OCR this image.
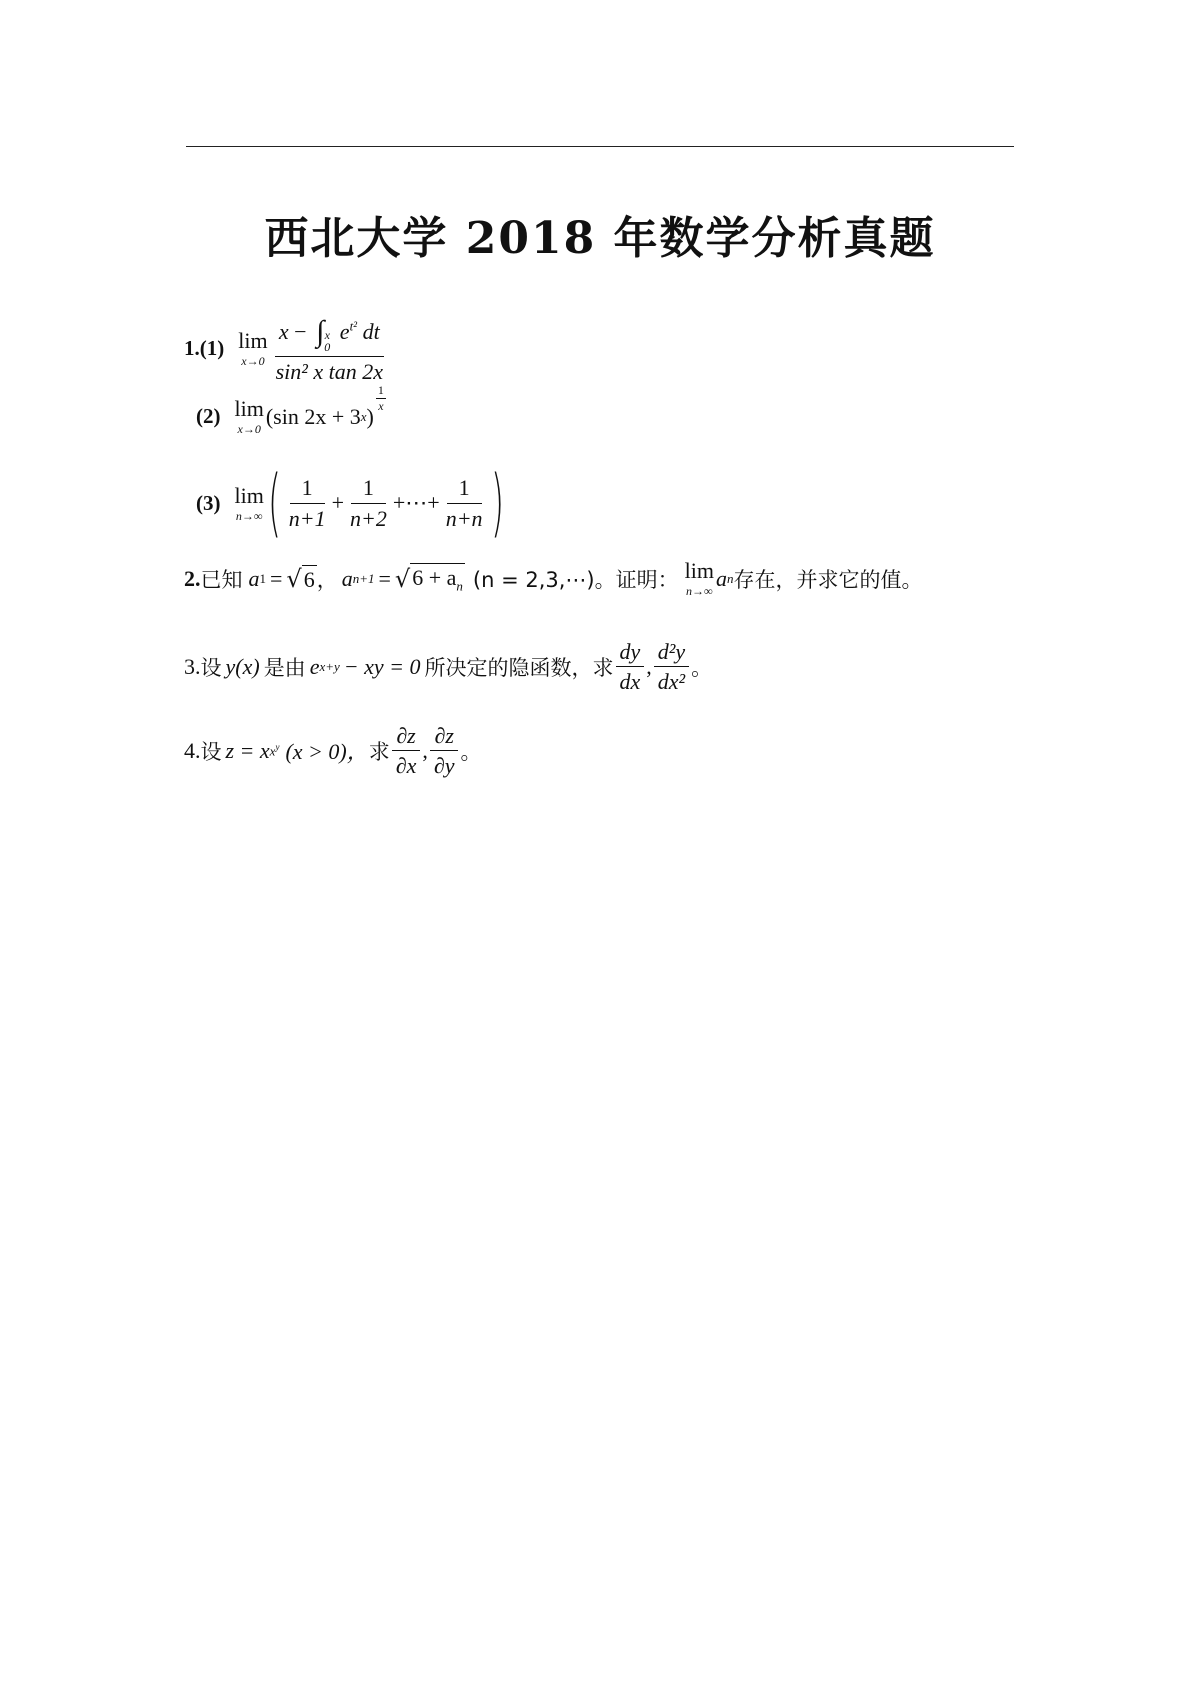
西北大学 2018 年数学分析真题
1.(1) lim
x→0 x − ∫ x
0
$e^{t^2}$ dt
sin² x tan 2x
(2) lim
x→0
(sin 2x + 3 x )
$\frac{1}{x}$
(3) lim
n→∞ ( $\frac{1}{n+1} + \frac{1}{n+2}$ +⋯+ $\frac{1}{n+n}$ )
2. 已知 a 1 = √ 6 ， a n+1 = √ $6 + a_n$ (n = 2,3,⋯)。证明： lim
n→∞
a n 存在，并求它的值。
3. 设 y(x) 是由 e x+y − xy = 0 所决定的隐函数，求 $\frac{dy}{dx}$ , $\frac{\text{d²y}}{\text{dx²}}$ 。
4. 设 z = x $x^y$ (x > 0)， 求 $\frac{\partial z}{\partial x}$ , $\frac{\partial z}{\partial y}$ 。
